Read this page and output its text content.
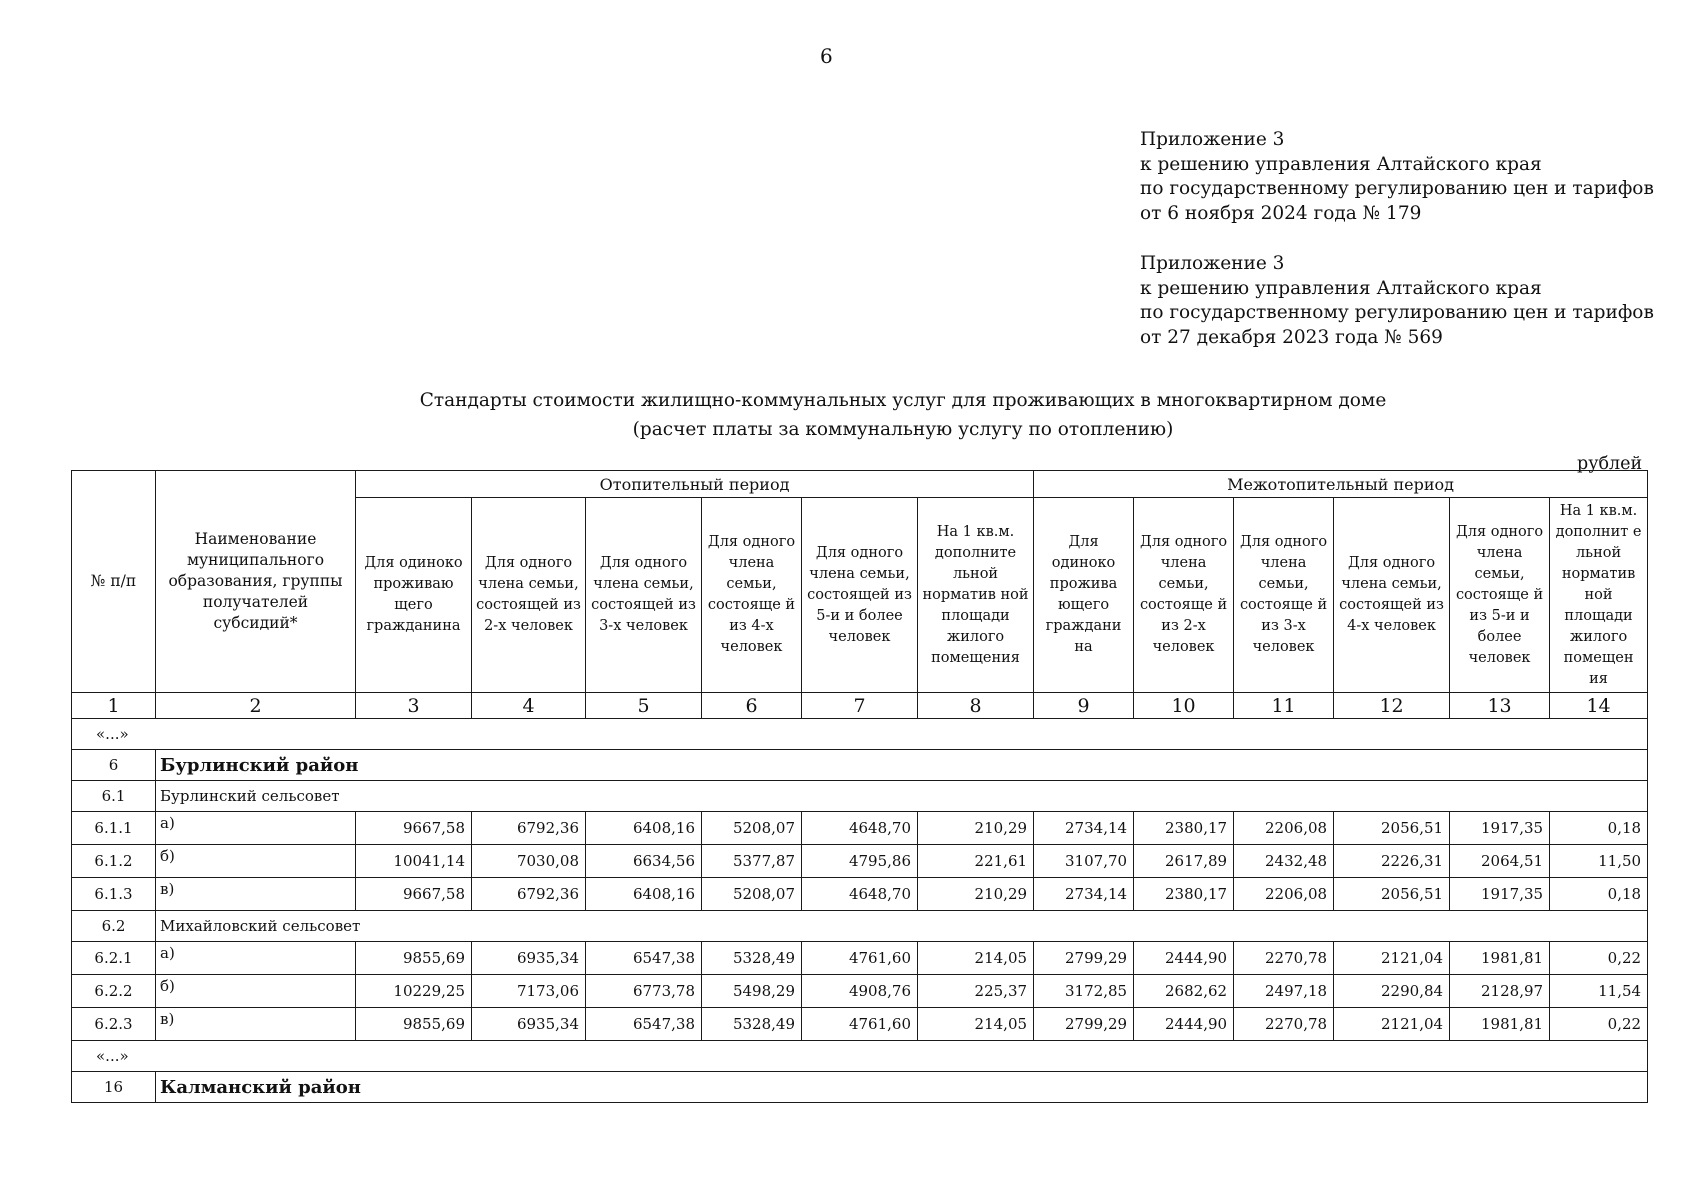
6
Приложение 3
к решению управления Алтайского края
по государственному регулированию цен и тарифов
от 6 ноября 2024 года № 179
Приложение 3
к решению управления Алтайского края
по государственному регулированию цен и тарифов
от 27 декабря 2023 года № 569
Стандарты стоимости жилищно-коммунальных услуг для проживающих в многоквартирном доме
(расчет платы за коммунальную услугу по отоплению)
рублей
№ п/п	Наименование муниципального образования, группы получателей субсидий*	Отопительный период						Межотопительный период					
		Для одиноко проживаю щего гражданина	Для одного члена семьи, состоящей из 2-х человек	Для одного члена семьи, состоящей из 3-х человек	Для одного члена семьи, состояще й из 4-х человек	Для одного члена семьи, состоящей из 5-и и более человек	На 1 кв.м. дополните льной норматив ной площади жилого помещения	Для одиноко прожива ющего граждани на	Для одного члена семьи, состояще й из 2-х человек	Для одного члена семьи, состояще й из 3-х человек	Для одного члена семьи, состоящей из 4-х человек	Для одного члена семьи, состояще й из 5-и и более человек	На 1 кв.м. дополнит е льной норматив ной площади жилого помещен ия
1	2	3	4	5	6	7	8	9	10	11	12	13	14
«...»													
6	Бурлинский район												
6.1	Бурлинский сельсовет												
6.1.1	а)	9667,58	6792,36	6408,16	5208,07	4648,70	210,29	2734,14	2380,17	2206,08	2056,51	1917,35	0,18
6.1.2	б)	10041,14	7030,08	6634,56	5377,87	4795,86	221,61	3107,70	2617,89	2432,48	2226,31	2064,51	11,50
6.1.3	в)	9667,58	6792,36	6408,16	5208,07	4648,70	210,29	2734,14	2380,17	2206,08	2056,51	1917,35	0,18
6.2	Михайловский сельсовет												
6.2.1	а)	9855,69	6935,34	6547,38	5328,49	4761,60	214,05	2799,29	2444,90	2270,78	2121,04	1981,81	0,22
6.2.2	б)	10229,25	7173,06	6773,78	5498,29	4908,76	225,37	3172,85	2682,62	2497,18	2290,84	2128,97	11,54
6.2.3	в)	9855,69	6935,34	6547,38	5328,49	4761,60	214,05	2799,29	2444,90	2270,78	2121,04	1981,81	0,22
«...»													
16	Калманский район												
